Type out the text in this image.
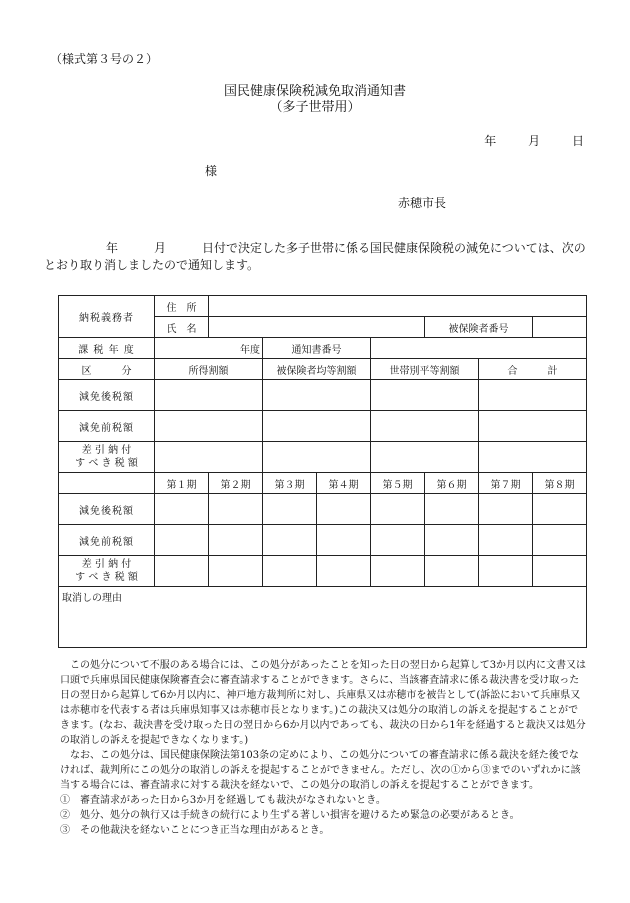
（様式第３号の２）
国民健康保険税減免取消通知書
（多子世帯用）
年	月	日
様
赤穂市長
年	月	日付で決定した多子世帯に係る国民健康保険税の減免については、次のとおり取り消しましたので通知します。
納税義務者	住　所							
	氏　名					被保険者番号		
課 税 年 度	年度		通知書番号					
区　　　分	所得割額		被保険者均等割額		世帯別平等割額		合　　　計	
減免後税額								
減免前税額								
差 引 納 付
す べ き 税 額								
	第１期	第２期	第３期	第４期	第５期	第６期	第７期	第８期
減免後税額								
減免前税額								
差 引 納 付
す べ き 税 額								
取消しの理由								

この処分について不服のある場合には、この処分があったことを知った日の翌日から起算して3か月以内に文書又は口頭で兵庫県国民健康保険審査会に審査請求することができます。さらに、当該審査請求に係る裁決書を受け取った日の翌日から起算して6か月以内に、神戸地方裁判所に対し、兵庫県又は赤穂市を被告として(訴訟において兵庫県又は赤穂市を代表する者は兵庫県知事又は赤穂市長となります。)この裁決又は処分の取消しの訴えを提起することができます。(なお、裁決書を受け取った日の翌日から6か月以内であっても、裁決の日から1年を経過すると裁決又は処分の取消しの訴えを提起できなくなります。)

なお、この処分は、国民健康保険法第103条の定めにより、この処分についての審査請求に係る裁決を経た後でなければ、裁判所にこの処分の取消しの訴えを提起することができません。ただし、次の①から③までのいずれかに該当する場合には、審査請求に対する裁決を経ないで、この処分の取消しの訴えを提起することができます。

①　審査請求があった日から3か月を経過しても裁決がなされないとき。

②　処分、処分の執行又は手続きの続行により生ずる著しい損害を避けるため緊急の必要があるとき。

③　その他裁決を経ないことにつき正当な理由があるとき。
